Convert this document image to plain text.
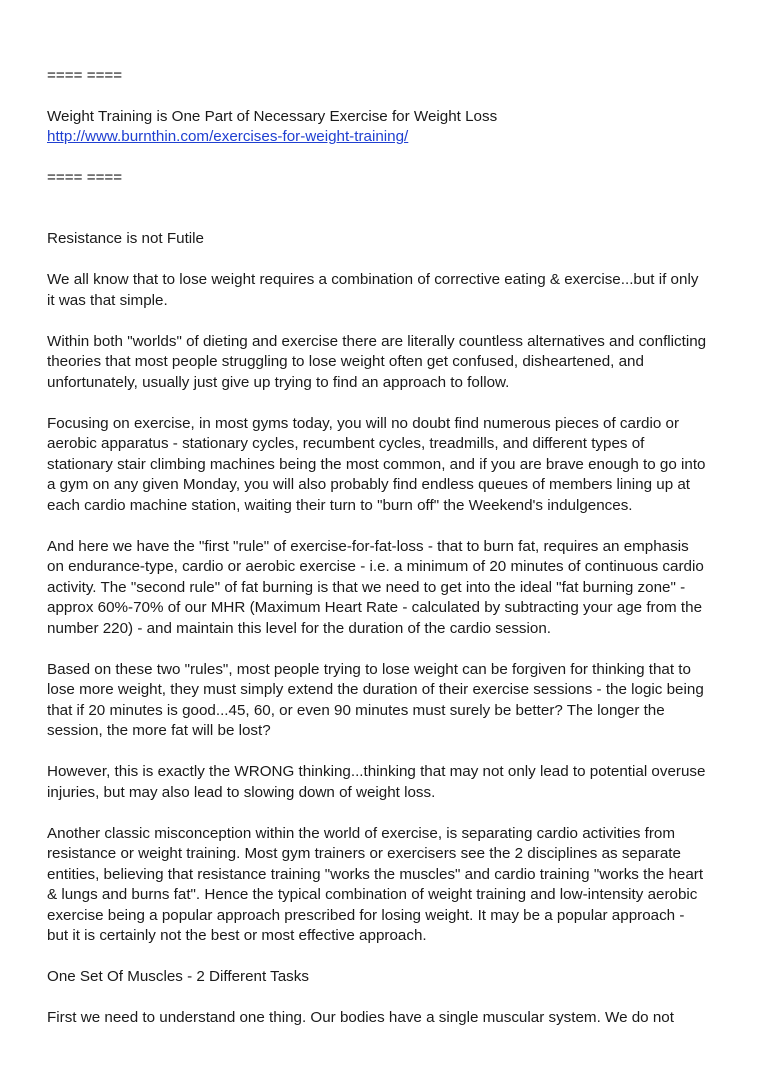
==== ====
Weight Training is One Part of Necessary Exercise for Weight Loss
http://www.burnthin.com/exercises-for-weight-training/
==== ====
Resistance is not Futile
We all know that to lose weight requires a combination of corrective eating & exercise...but if only
it was that simple.
Within both "worlds" of dieting and exercise there are literally countless alternatives and conflicting
theories that most people struggling to lose weight often get confused, disheartened, and
unfortunately, usually just give up trying to find an approach to follow.
Focusing on exercise, in most gyms today, you will no doubt find numerous pieces of cardio or
aerobic apparatus - stationary cycles, recumbent cycles, treadmills, and different types of
stationary stair climbing machines being the most common, and if you are brave enough to go into
a gym on any given Monday, you will also probably find endless queues of members lining up at
each cardio machine station, waiting their turn to "burn off" the Weekend's indulgences.
And here we have the "first "rule" of exercise-for-fat-loss - that to burn fat, requires an emphasis
on endurance-type, cardio or aerobic exercise - i.e. a minimum of 20 minutes of continuous cardio
activity. The "second rule" of fat burning is that we need to get into the ideal "fat burning zone" -
approx 60%-70% of our MHR (Maximum Heart Rate - calculated by subtracting your age from the
number 220) - and maintain this level for the duration of the cardio session.
Based on these two "rules", most people trying to lose weight can be forgiven for thinking that to
lose more weight, they must simply extend the duration of their exercise sessions - the logic being
that if 20 minutes is good...45, 60, or even 90 minutes must surely be better? The longer the
session, the more fat will be lost?
However, this is exactly the WRONG thinking...thinking that may not only lead to potential overuse
injuries, but may also lead to slowing down of weight loss.
Another classic misconception within the world of exercise, is separating cardio activities from
resistance or weight training. Most gym trainers or exercisers see the 2 disciplines as separate
entities, believing that resistance training "works the muscles" and cardio training "works the heart
& lungs and burns fat". Hence the typical combination of weight training and low-intensity aerobic
exercise being a popular approach prescribed for losing weight. It may be a popular approach -
but it is certainly not the best or most effective approach.
One Set Of Muscles - 2 Different Tasks
First we need to understand one thing. Our bodies have a single muscular system. We do not
